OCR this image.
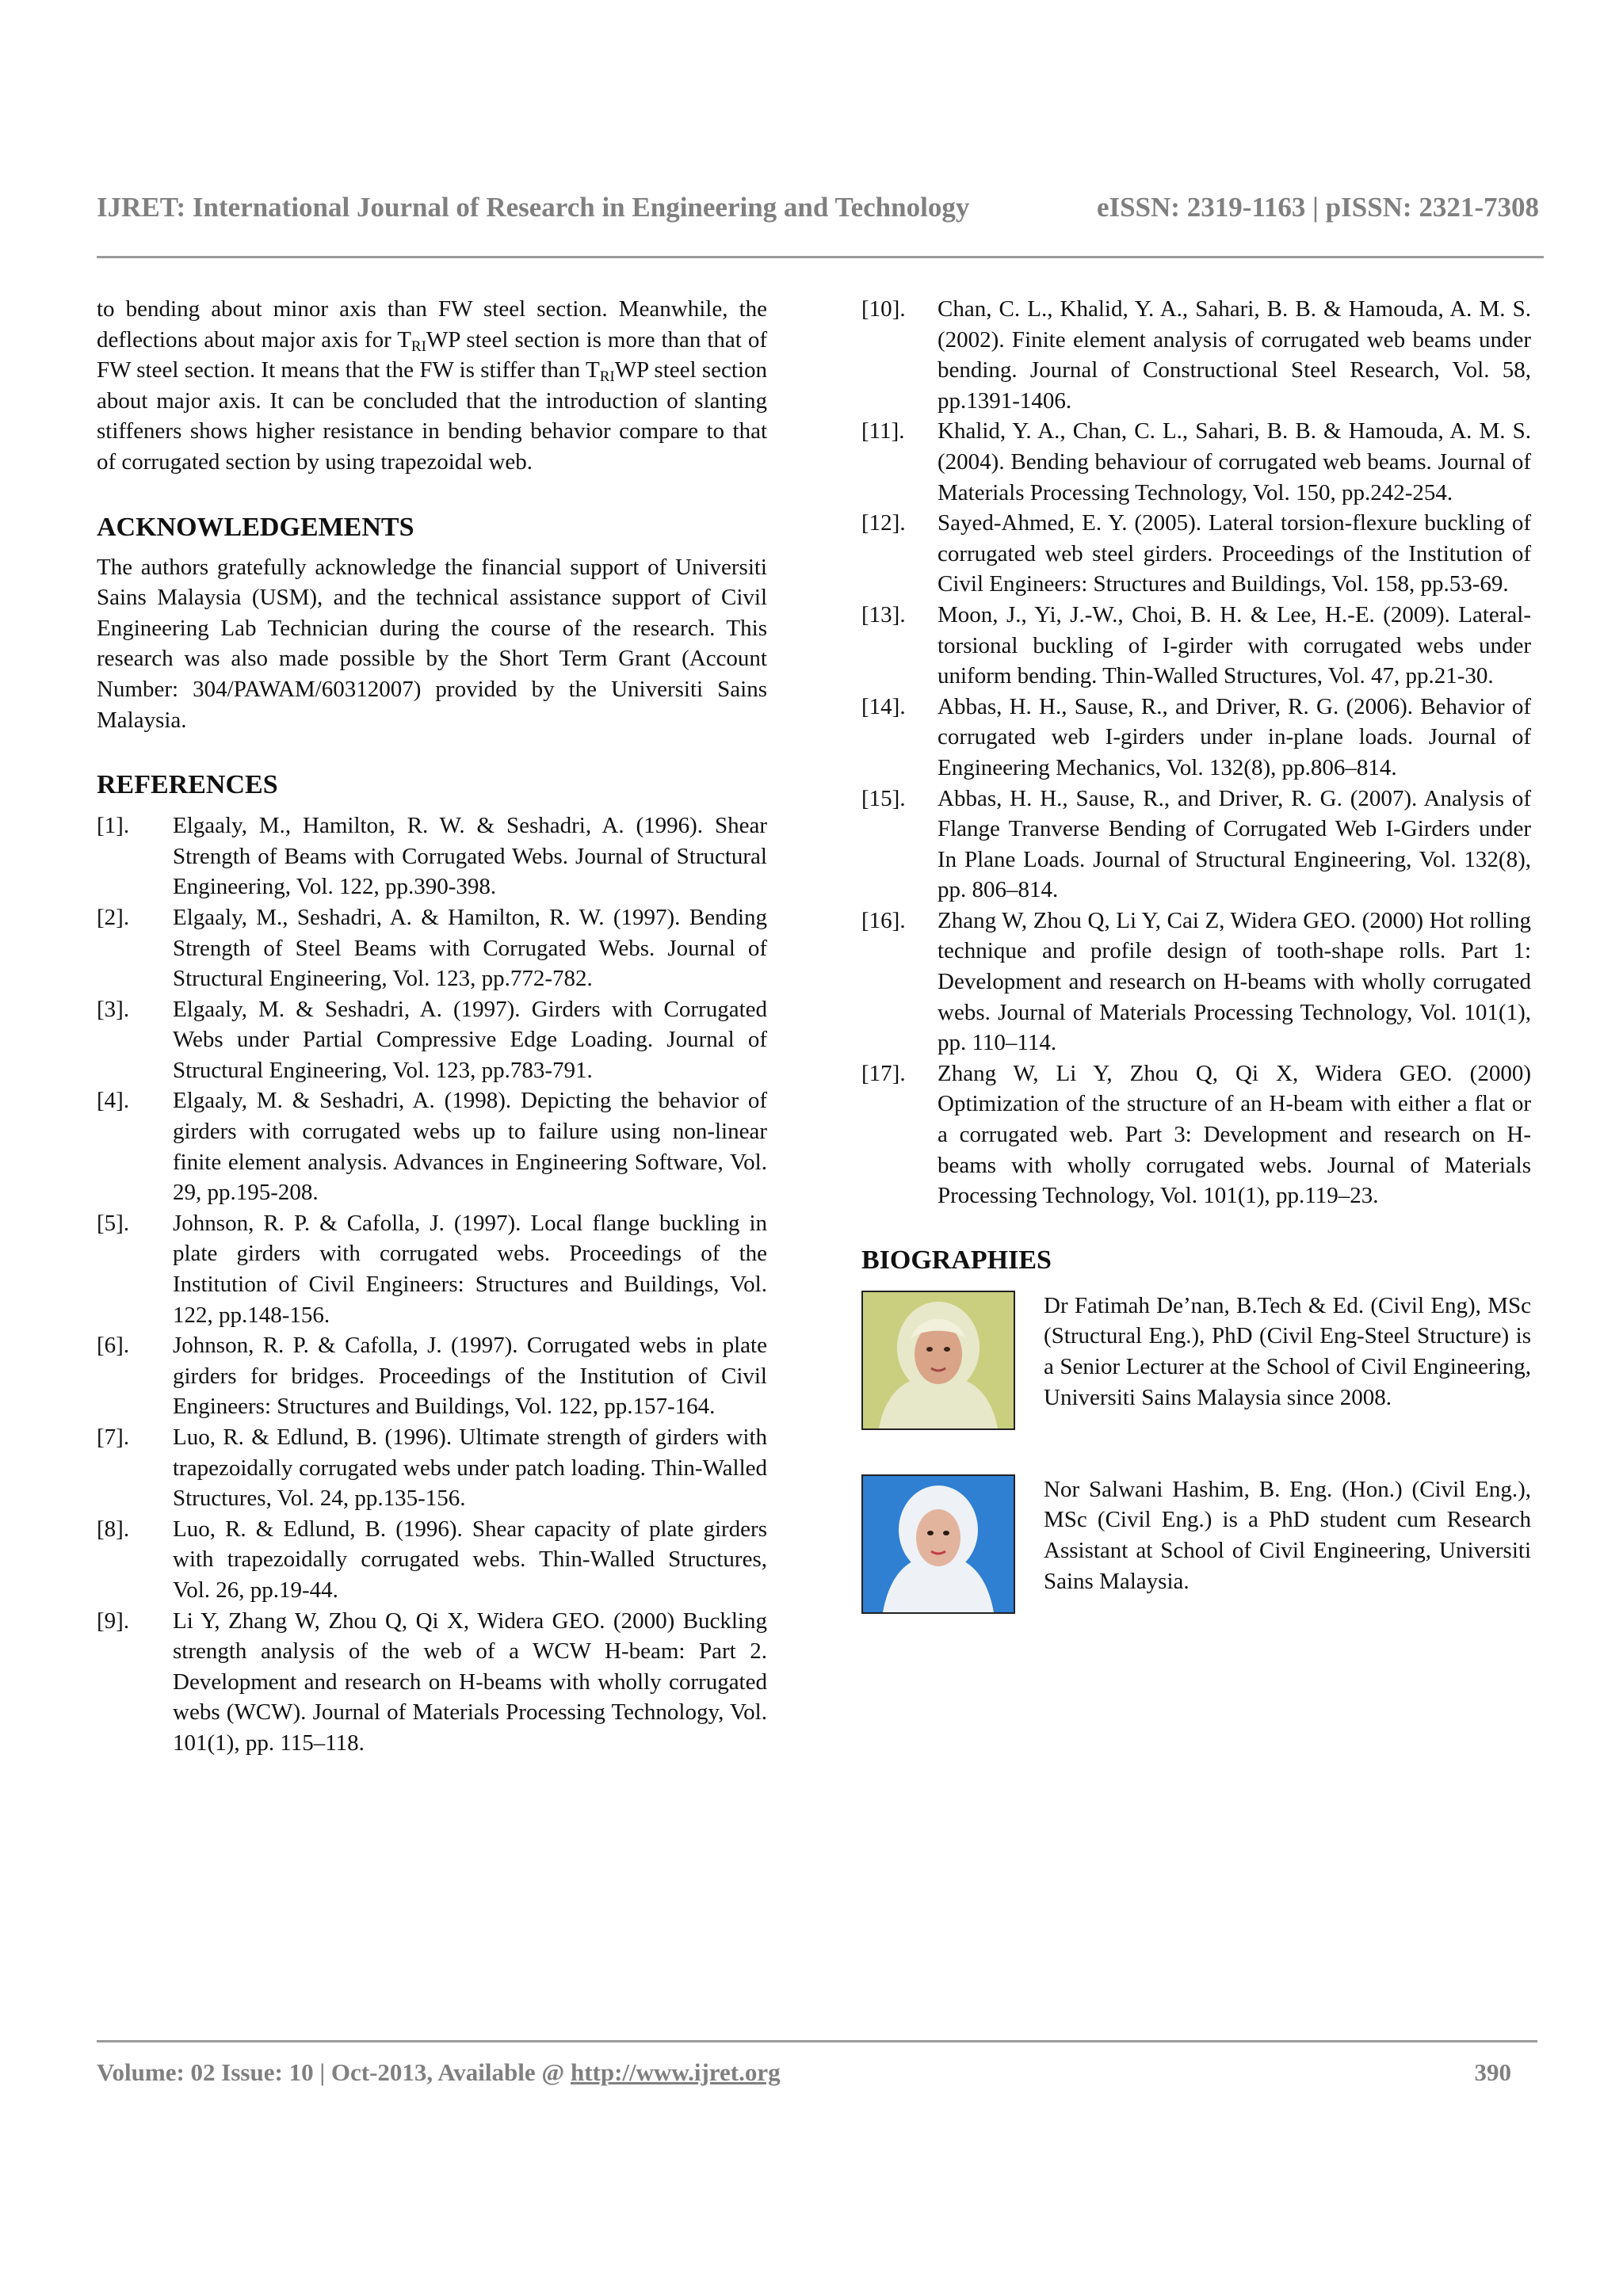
IJRET: International Journal of Research in Engineering and Technology	eISSN: 2319-1163 | pISSN: 2321-7308

to bending about minor axis than FW steel section. Meanwhile, the deflections about major axis for $T_{RI}WP$ steel section is more than that of FW steel section. It means that the FW is stiffer than $T_{RI}WP$ steel section about major axis. It can be concluded that the introduction of slanting stiffeners shows higher resistance in bending behavior compare to that of corrugated section by using trapezoidal web.

ACKNOWLEDGEMENTS

The authors gratefully acknowledge the financial support of Universiti Sains Malaysia (USM), and the technical assistance support of Civil Engineering Lab Technician during the course of the research. This research was also made possible by the Short Term Grant (Account Number: 304/PAWAM/60312007) provided by the Universiti Sains Malaysia.

REFERENCES
[1].	Elgaaly, M., Hamilton, R. W. & Seshadri, A. (1996). Shear Strength of Beams with Corrugated Webs. Journal of Structural Engineering, Vol. 122, pp.390-398.
[2].	Elgaaly, M., Seshadri, A. & Hamilton, R. W. (1997). Bending Strength of Steel Beams with Corrugated Webs. Journal of Structural Engineering, Vol. 123, pp.772-782.
[3].	Elgaaly, M. & Seshadri, A. (1997). Girders with Corrugated Webs under Partial Compressive Edge Loading. Journal of Structural Engineering, Vol. 123, pp.783-791.
[4].	Elgaaly, M. & Seshadri, A. (1998). Depicting the behavior of girders with corrugated webs up to failure using non-linear finite element analysis. Advances in Engineering Software, Vol. 29, pp.195-208.
[5].	Johnson, R. P. & Cafolla, J. (1997). Local flange buckling in plate girders with corrugated webs. Proceedings of the Institution of Civil Engineers: Structures and Buildings, Vol. 122, pp.148-156.
[6].	Johnson, R. P. & Cafolla, J. (1997). Corrugated webs in plate girders for bridges. Proceedings of the Institution of Civil Engineers: Structures and Buildings, Vol. 122, pp.157-164.
[7].	Luo, R. & Edlund, B. (1996). Ultimate strength of girders with trapezoidally corrugated webs under patch loading. Thin-Walled Structures, Vol. 24, pp.135-156.
[8].	Luo, R. & Edlund, B. (1996). Shear capacity of plate girders with trapezoidally corrugated webs. Thin-Walled Structures, Vol. 26, pp.19-44.
[9].	Li Y, Zhang W, Zhou Q, Qi X, Widera GEO. (2000) Buckling strength analysis of the web of a WCW H-beam: Part 2. Development and research on H-beams with wholly corrugated webs (WCW). Journal of Materials Processing Technology, Vol. 101(1), pp. 115–118.
[10].	Chan, C. L., Khalid, Y. A., Sahari, B. B. & Hamouda, A. M. S. (2002). Finite element analysis of corrugated web beams under bending. Journal of Constructional Steel Research, Vol. 58, pp.1391-1406.
[11].	Khalid, Y. A., Chan, C. L., Sahari, B. B. & Hamouda, A. M. S. (2004). Bending behaviour of corrugated web beams. Journal of Materials Processing Technology, Vol. 150, pp.242-254.
[12].	Sayed-Ahmed, E. Y. (2005). Lateral torsion-flexure buckling of corrugated web steel girders. Proceedings of the Institution of Civil Engineers: Structures and Buildings, Vol. 158, pp.53-69.
[13].	Moon, J., Yi, J.-W., Choi, B. H. & Lee, H.-E. (2009). Lateral-torsional buckling of I-girder with corrugated webs under uniform bending. Thin-Walled Structures, Vol. 47, pp.21-30.
[14].	Abbas, H. H., Sause, R., and Driver, R. G. (2006). Behavior of corrugated web I-girders under in-plane loads. Journal of Engineering Mechanics, Vol. 132(8), pp.806–814.
[15].	Abbas, H. H., Sause, R., and Driver, R. G. (2007). Analysis of Flange Tranverse Bending of Corrugated Web I-Girders under In Plane Loads. Journal of Structural Engineering, Vol. 132(8), pp. 806–814.
[16].	Zhang W, Zhou Q, Li Y, Cai Z, Widera GEO. (2000) Hot rolling technique and profile design of tooth-shape rolls. Part 1: Development and research on H-beams with wholly corrugated webs. Journal of Materials Processing Technology, Vol. 101(1), pp. 110–114.
[17].	Zhang W, Li Y, Zhou Q, Qi X, Widera GEO. (2000) Optimization of the structure of an H-beam with either a flat or a corrugated web. Part 3: Development and research on H-beams with wholly corrugated webs. Journal of Materials Processing Technology, Vol. 101(1), pp.119–23.
BIOGRAPHIES

Dr Fatimah De’nan, B.Tech & Ed. (Civil Eng), MSc (Structural Eng.), PhD (Civil Eng-Steel Structure) is a Senior Lecturer at the School of Civil Engineering, Universiti Sains Malaysia since 2008.

Nor Salwani Hashim, B. Eng. (Hon.) (Civil Eng.), MSc (Civil Eng.) is a PhD student cum Research Assistant at School of Civil Engineering, Universiti Sains Malaysia.

Volume: 02 Issue: 10 | Oct-2013, Available @ http://www.ijret.org	390
